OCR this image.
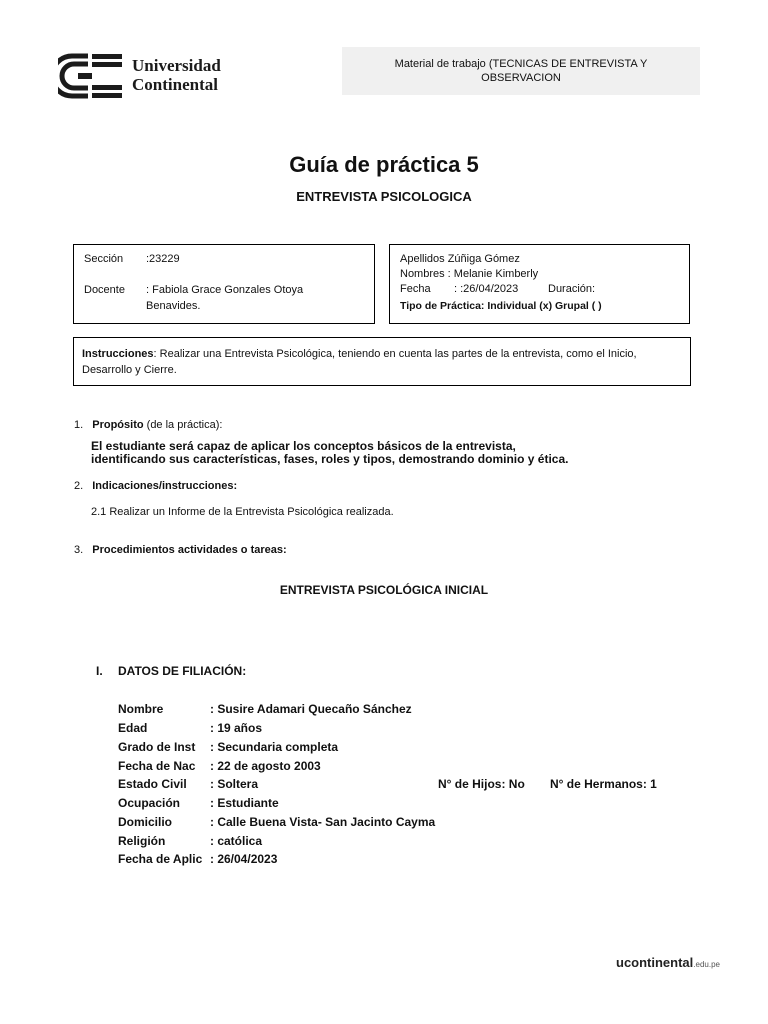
Universidad
Continental
Material de trabajo (TECNICAS DE ENTREVISTA Y
OBSERVACION
Guía de práctica 5
ENTREVISTA PSICOLOGICA
Sección :23229
Docente : Fabiola Grace Gonzales Otoya
Benavides.
Apellidos Zúñiga Gómez
Nombres : Melanie Kimberly
Fecha : :26/04/2023	Duración:
Tipo de Práctica: Individual (x) Grupal ( )
Instrucciones: Realizar una Entrevista Psicológica, teniendo en cuenta las partes de la entrevista, como el Inicio, Desarrollo y Cierre.
1. Propósito (de la práctica):
El estudiante será capaz de aplicar los conceptos básicos de la entrevista,
identificando sus características, fases, roles y tipos, demostrando dominio y ética.
2. Indicaciones/instrucciones:
2.1 Realizar un Informe de la Entrevista Psicológica realizada.
3. Procedimientos actividades o tareas:
ENTREVISTA PSICOLÓGICA INICIAL
I. DATOS DE FILIACIÓN:
Nombre	: Susire Adamari Quecaño Sánchez
Edad	: 19 años
Grado de Inst : Secundaria completa
Fecha de Nac : 22 de agosto 2003
Estado Civil : Soltera	N° de Hijos: No N° de Hermanos: 1
Ocupación : Estudiante
Domicilio	: Calle Buena Vista- San Jacinto Cayma
Religión	: católica
Fecha de Aplic : 26/04/2023
ucontinental.edu.pe
